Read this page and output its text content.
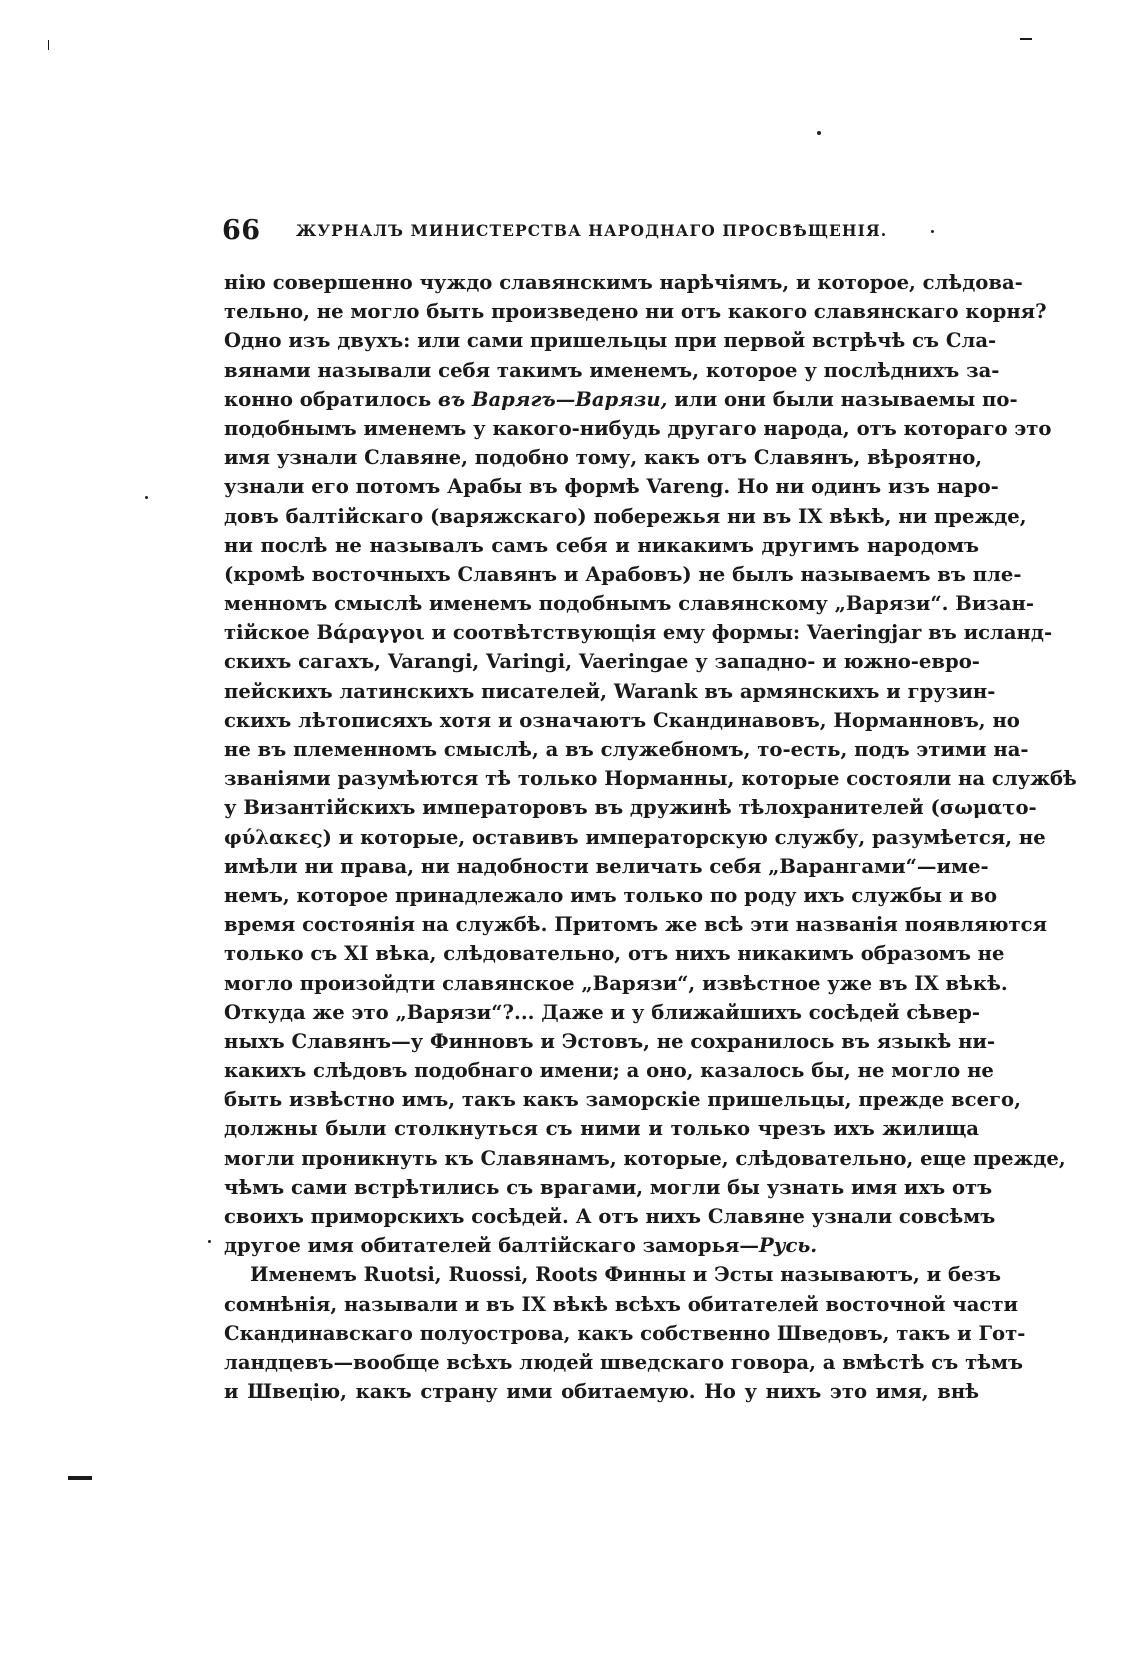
66 ЖУРНАЛЪ МИНИСТЕРСТВА НАРОДНАГО ПРОСВѢЩЕНІЯ.
нію совершенно чуждо славянскимъ нарѣчіямъ, и которое, слѣдова-
тельно, не могло быть произведено ни отъ какого славянскаго корня?
Одно изъ двухъ: или сами пришельцы при первой встрѣчѣ съ Сла-
вянами называли себя такимъ именемъ, которое у послѣднихъ за-
конно обратилось въ Варягъ—Варязи, или они были называемы по-
подобнымъ именемъ у какого-нибудь другаго народа, отъ котораго это
имя узнали Славяне, подобно тому, какъ отъ Славянъ, вѣроятно,
узнали его потомъ Арабы въ формѣ Vareng. Но ни одинъ изъ наро-
довъ балтійскаго (варяжскаго) побережья ни въ IX вѣкѣ, ни прежде,
ни послѣ не называлъ самъ себя и никакимъ другимъ народомъ
(кромѣ восточныхъ Славянъ и Арабовъ) не былъ называемъ въ пле-
менномъ смыслѣ именемъ подобнымъ славянскому „Варязи“. Визан-
тійское Βάραγγοι и соотвѣтствующія ему формы: Vaeringjar въ исланд-
скихъ сагахъ, Varangi, Varingi, Vaeringae у западно- и южно-евро-
пейскихъ латинскихъ писателей, Warank въ армянскихъ и грузин-
скихъ лѣтописяхъ хотя и означаютъ Скандинавовъ, Норманновъ, но
не въ племенномъ смыслѣ, а въ служебномъ, то-есть, подъ этими на-
званіями разумѣются тѣ только Норманны, которые состояли на службѣ
у Византійскихъ императоровъ въ дружинѣ тѣлохранителей (σωματο-
φύλακες) и которые, оставивъ императорскую службу, разумѣется, не
имѣли ни права, ни надобности величать себя „Варангами“—име-
немъ, которое принадлежало имъ только по роду ихъ службы и во
время состоянія на службѣ. Притомъ же всѣ эти названія появляются
только съ XI вѣка, слѣдовательно, отъ нихъ никакимъ образомъ не
могло произойдти славянское „Варязи“, извѣстное уже въ IX вѣкѣ.
Откуда же это „Варязи“?... Даже и у ближайшихъ сосѣдей сѣвер-
ныхъ Славянъ—у Финновъ и Эстовъ, не сохранилось въ языкѣ ни-
какихъ слѣдовъ подобнаго имени; а оно, казалось бы, не могло не
быть извѣстно имъ, такъ какъ заморскіе пришельцы, прежде всего,
должны были столкнуться съ ними и только чрезъ ихъ жилища
могли проникнуть къ Славянамъ, которые, слѣдовательно, еще прежде,
чѣмъ сами встрѣтились съ врагами, могли бы узнать имя ихъ отъ
своихъ приморскихъ сосѣдей. А отъ нихъ Славяне узнали совсѣмъ
другое имя обитателей балтійскаго заморья—Русь.
Именемъ Ruotsi, Ruossi, Roots Финны и Эсты называютъ, и безъ
сомнѣнія, называли и въ IX вѣкѣ всѣхъ обитателей восточной части
Скандинавскаго полуострова, какъ собственно Шведовъ, такъ и Гот-
ландцевъ—вообще всѣхъ людей шведскаго говора, а вмѣстѣ съ тѣмъ
и Швецію, какъ страну ими обитаемую. Но у нихъ это имя, внѣ
